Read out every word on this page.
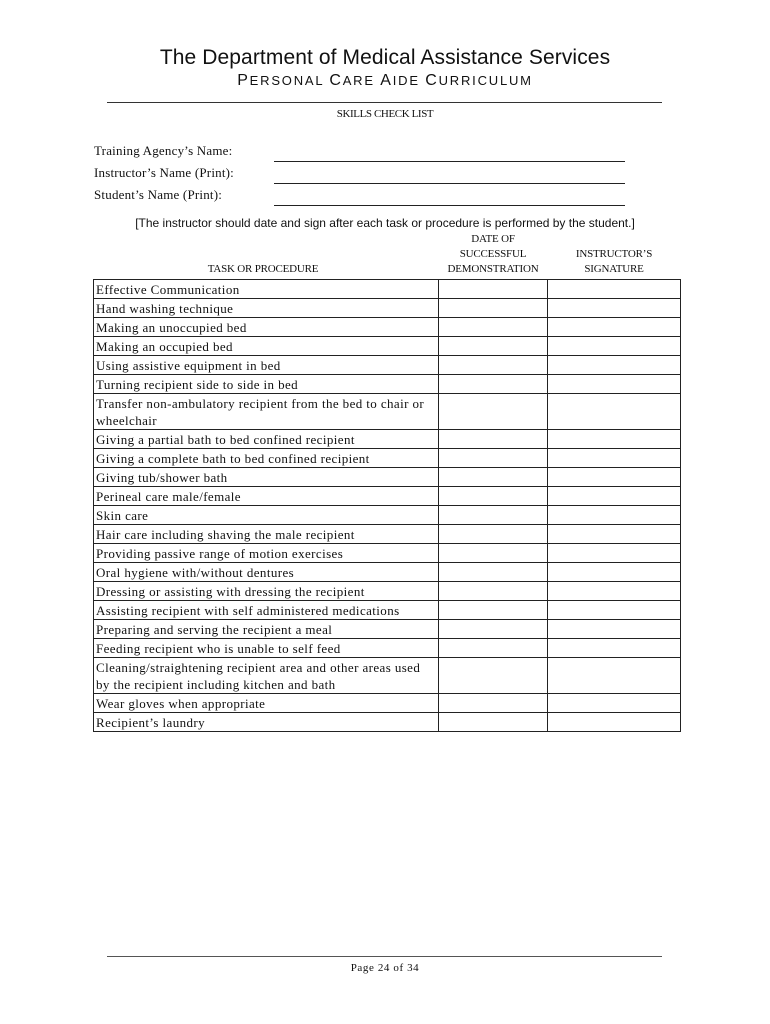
The Department of Medical Assistance Services
PERSONAL CARE AIDE CURRICULUM
SKILLS CHECK LIST
Training Agency’s Name:
Instructor’s Name (Print):
Student’s Name (Print):
[The instructor should date and sign after each task or procedure is performed by the student.]
TASK OR PROCEDURE
DATE OF
SUCCESSFUL
DEMONSTRATION
INSTRUCTOR’S
SIGNATURE
Effective Communication		
Hand washing technique		
Making an unoccupied bed		
Making an occupied bed		
Using assistive equipment in bed		
Turning recipient side to side in bed		
Transfer non-ambulatory recipient from the bed to chair or wheelchair		
Giving a partial bath to bed confined recipient		
Giving a complete bath to bed confined recipient		
Giving tub/shower bath		
Perineal care male/female		
Skin care		
Hair care including shaving the male recipient		
Providing passive range of motion exercises		
Oral hygiene with/without dentures		
Dressing or assisting with dressing the recipient		
Assisting recipient with self administered medications		
Preparing and serving the recipient a meal		
Feeding recipient who is unable to self feed		
Cleaning/straightening recipient area and other areas used by the recipient including kitchen and bath		
Wear gloves when appropriate		
Recipient’s laundry		
Page 24 of 34
